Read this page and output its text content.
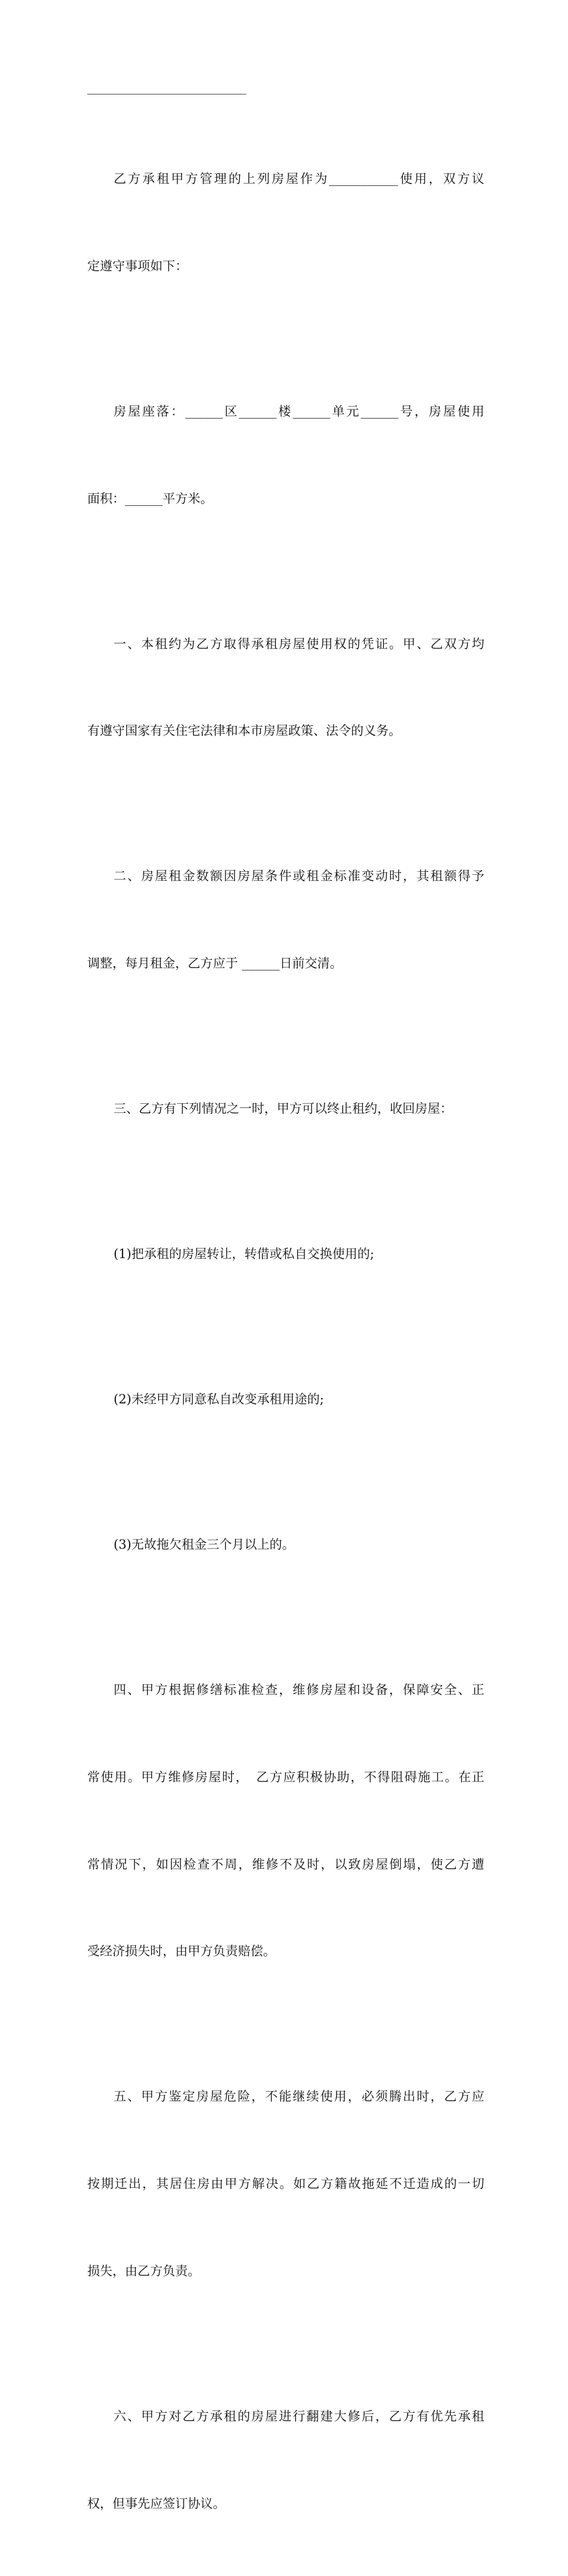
乙方承租甲方管理的上列房屋作为___________使用，双方议

定遵守事项如下：

房屋座落：______区______楼______单元______号，房屋使用

面积：______平方米。

一、本租约为乙方取得承租房屋使用权的凭证。甲、乙双方均

有遵守国家有关住宅法律和本市房屋政策、法令的义务。

二、房屋租金数额因房屋条件或租金标准变动时，其租额得予

调整，每月租金，乙方应于 ______日前交清。

三、乙方有下列情况之一时，甲方可以终止租约，收回房屋：

(1)把承租的房屋转让，转借或私自交换使用的;

(2)未经甲方同意私自改变承租用途的;

(3)无故拖欠租金三个月以上的。

四、甲方根据修缮标准检查，维修房屋和设备，保障安全、正

常使用。甲方维修房屋时，　乙方应积极协助，不得阻碍施工。在正

常情况下，如因检查不周，维修不及时，以致房屋倒塌，使乙方遭

受经济损失时，由甲方负责赔偿。

五、甲方鉴定房屋危险，不能继续使用，必须腾出时，乙方应

按期迁出，其居住房由甲方解决。如乙方籍故拖延不迁造成的一切

损失，由乙方负责。

六、甲方对乙方承租的房屋进行翻建大修后，乙方有优先承租

权，但事先应签订协议。
